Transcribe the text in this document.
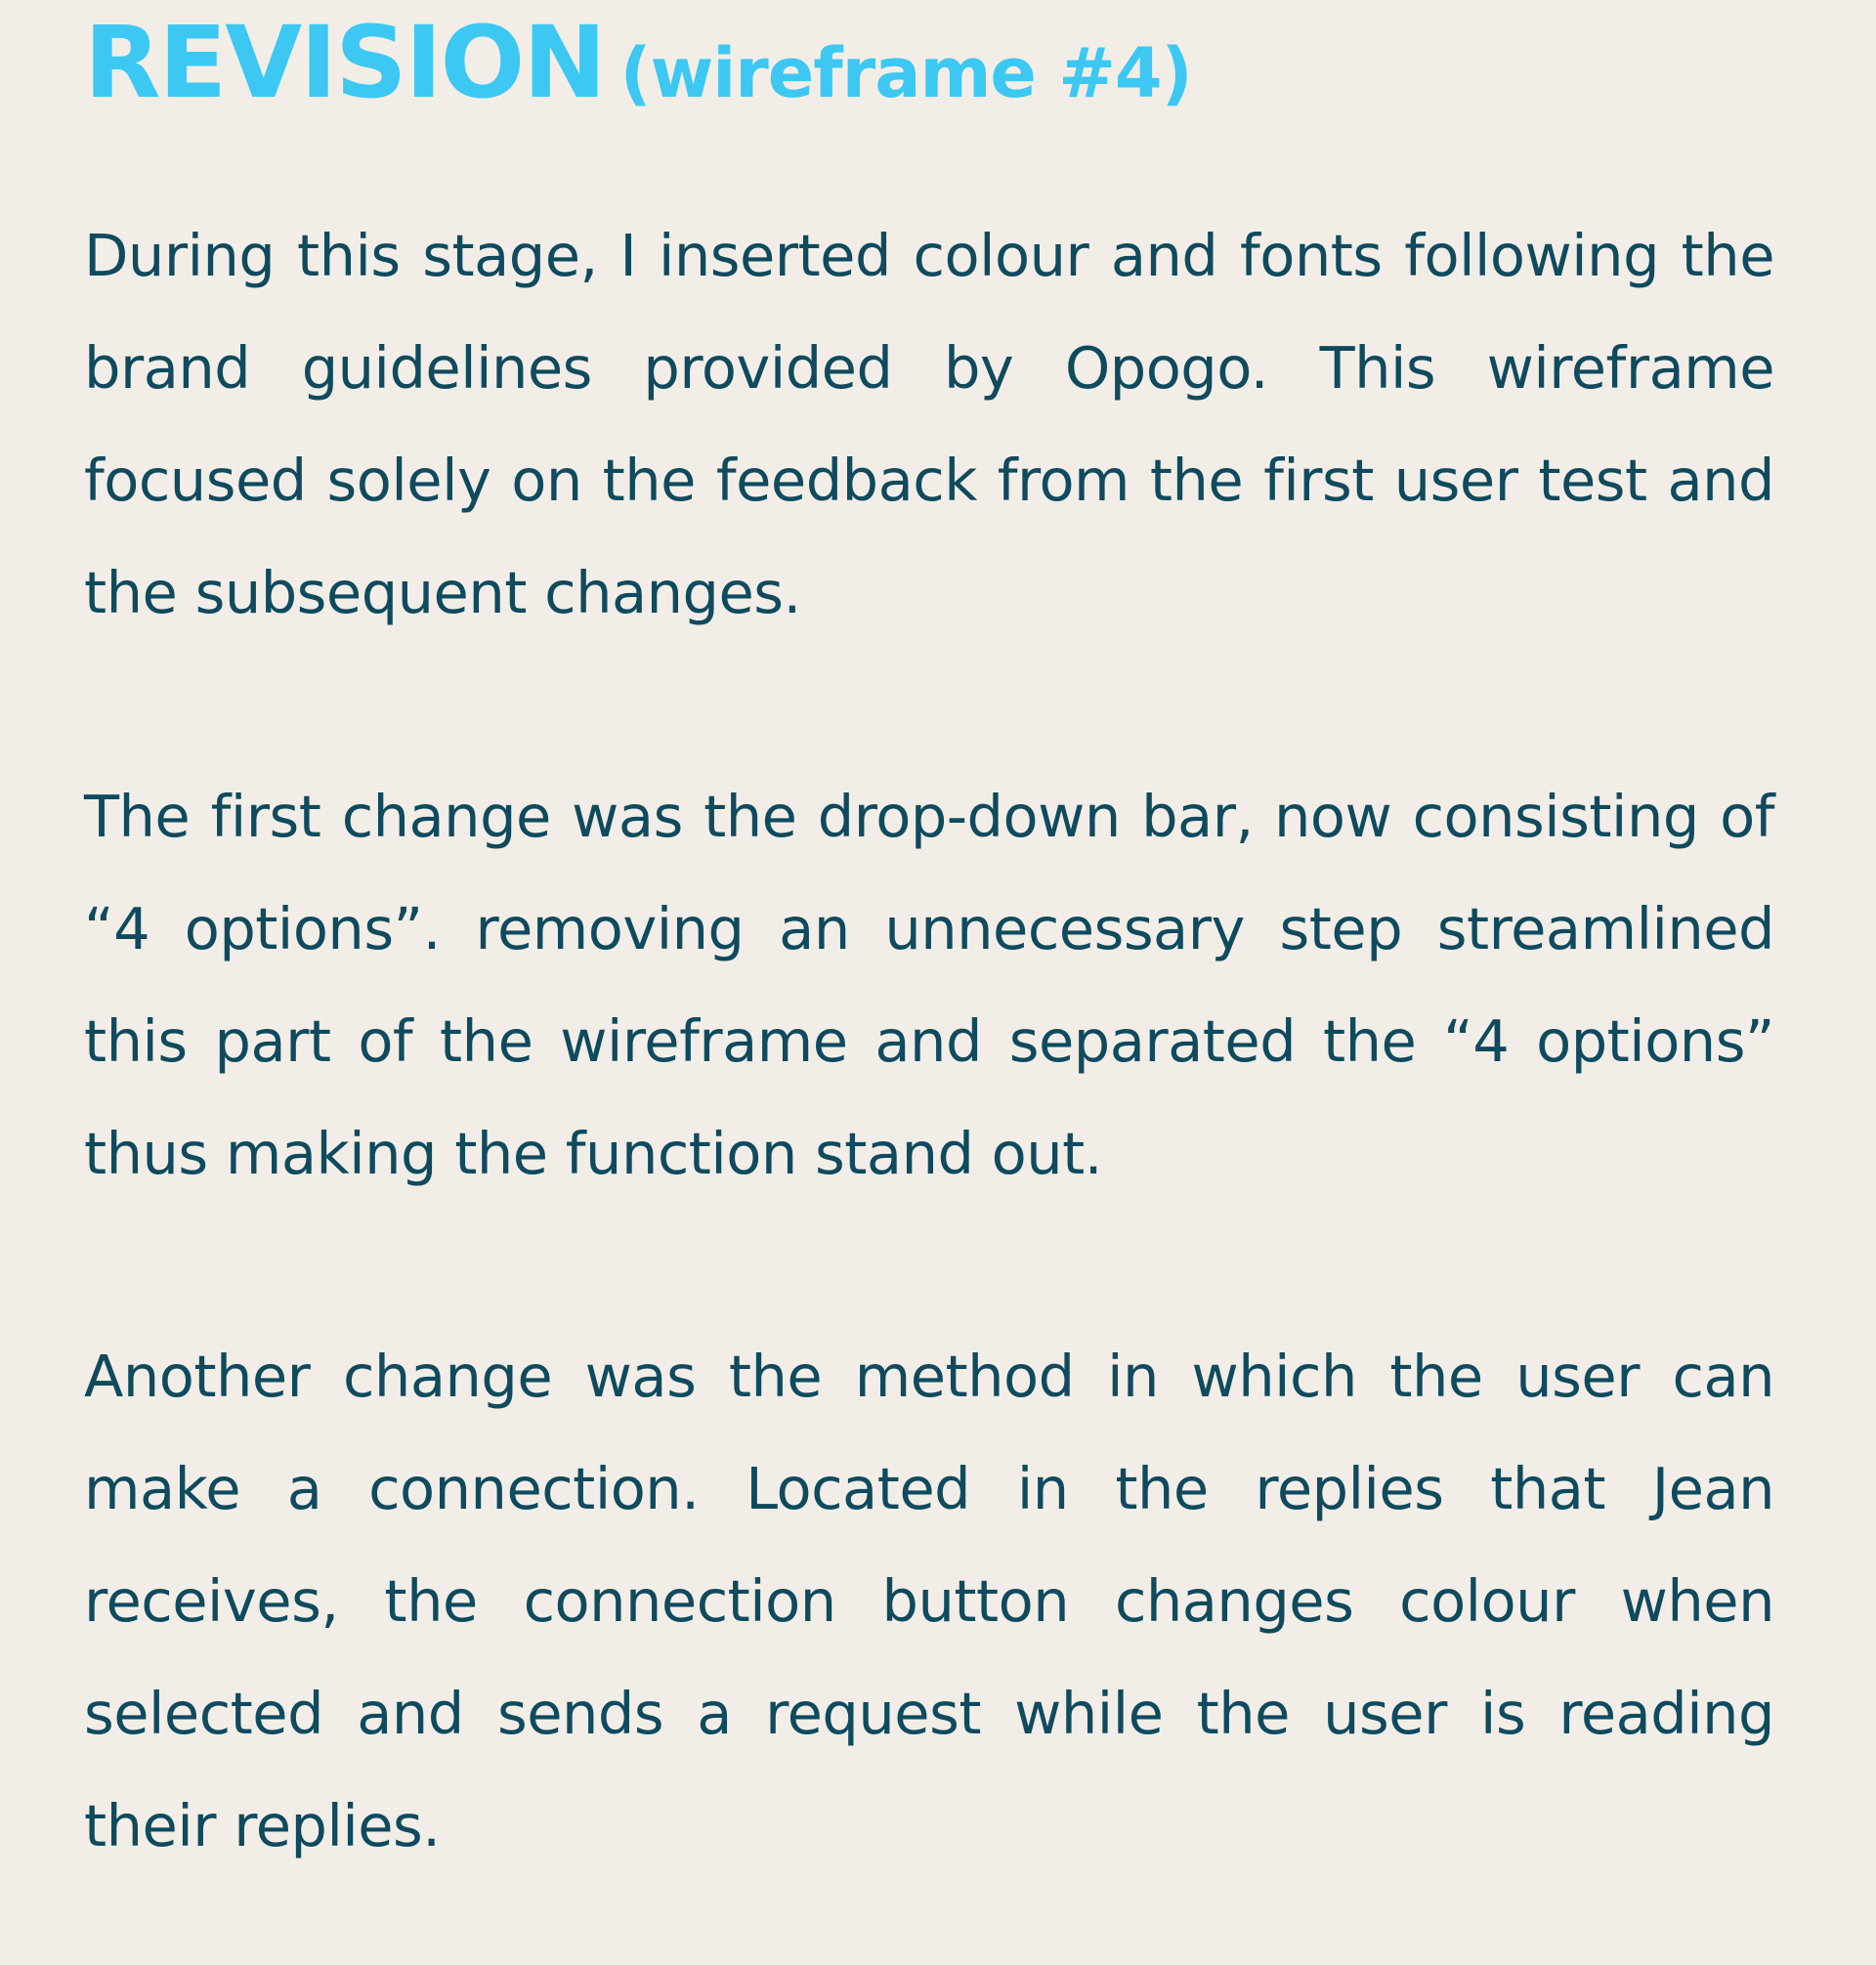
REVISION (wireframe #4)

During this stage, I inserted colour and fonts following the brand guidelines provided by Opogo. This wireframe focused solely on the feedback from the first user test and the subsequent changes.

The first change was the drop-down bar, now consisting of “4 options”. removing an unnecessary step streamlined this part of the wireframe and separated the “4 options” thus making the function stand out.

Another change was the method in which the user can make a connection. Located in the replies that Jean receives, the connection button changes colour when selected and sends a request while the user is reading their replies.
